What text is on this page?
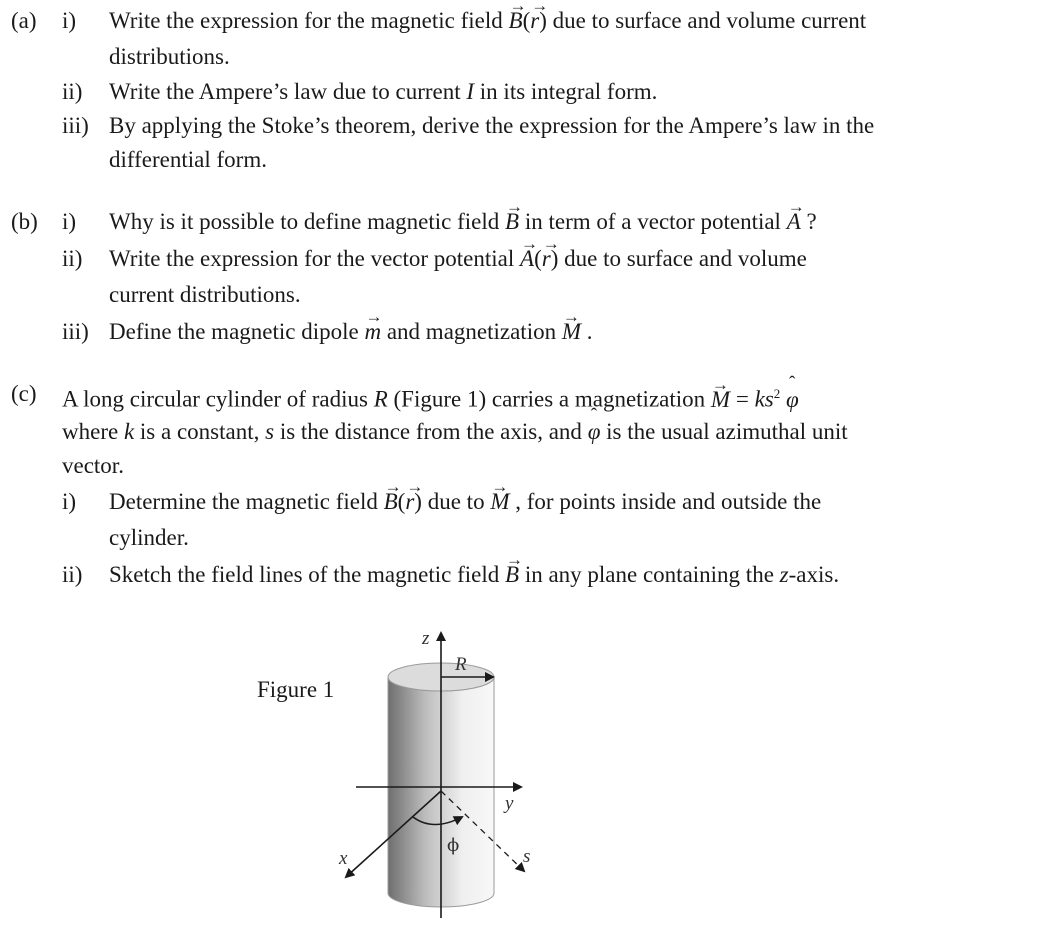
(a) i) Write the expression for the magnetic field → B(→ r) due to surface and volume current
distributions.
ii) Write the Ampere’s law due to current I in its integral form.
iii) By applying the Stoke’s theorem, derive the expression for the Ampere’s law in the
differential form.
(b) i) Why is it possible to define magnetic field → B in term of a vector potential → A ?
ii) Write the expression for the vector potential → A(→ r) due to surface and volume
current distributions.
iii) Define the magnetic dipole → m and magnetization → M .
(c) A long circular cylinder of radius R (Figure 1) carries a magnetization → $M = ks^2$ ˆ φ
where k is a constant, s is the distance from the axis, and ˆ φ is the usual azimuthal unit
vector.
i) Determine the magnetic field → B(→ r) due to → M , for points inside and outside the
cylinder.
ii) Sketch the field lines of the magnetic field → B in any plane containing the z-axis.
Figure 1
z
R
y
x	s
ϕ
